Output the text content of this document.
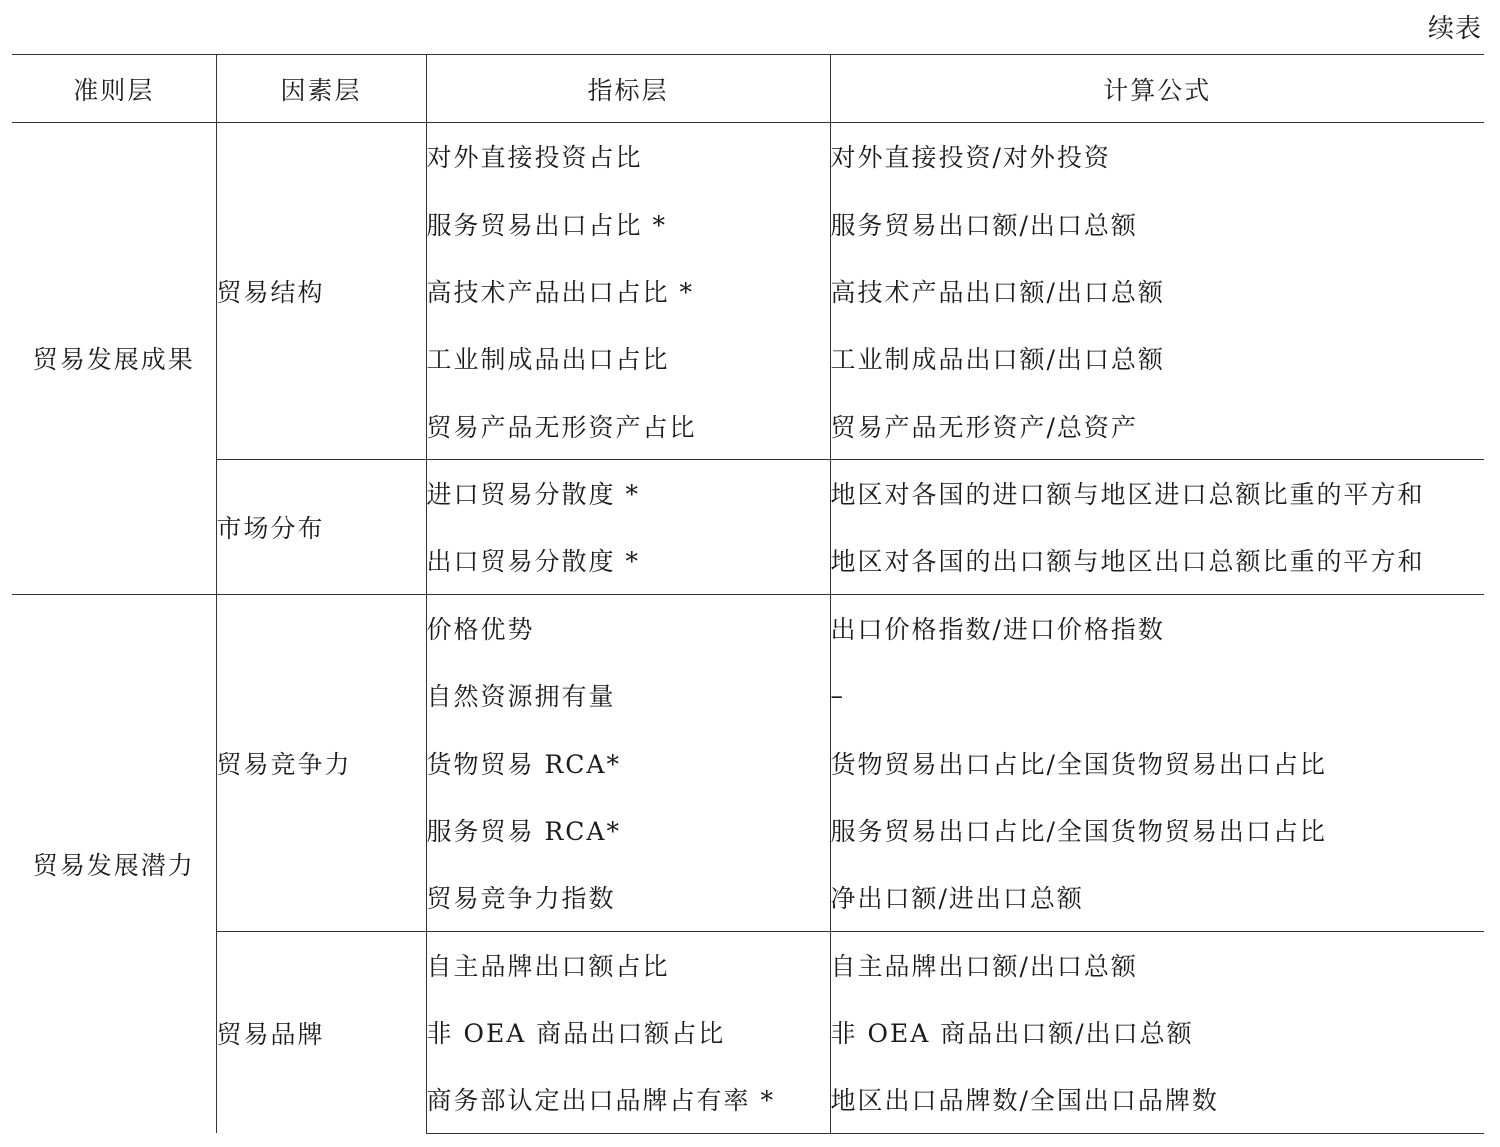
续表
准则层	因素层	指标层	计算公式
贸易发展成果	贸易结构	对外直接投资占比	对外直接投资/对外投资
		服务贸易出口占比 *	服务贸易出口额/出口总额
		高技术产品出口占比 *	高技术产品出口额/出口总额
		工业制成品出口占比	工业制成品出口额/出口总额
		贸易产品无形资产占比	贸易产品无形资产/总资产
	市场分布	进口贸易分散度 *	地区对各国的进口额与地区进口总额比重的平方和
		出口贸易分散度 *	地区对各国的出口额与地区出口总额比重的平方和
贸易发展潜力	贸易竞争力	价格优势	出口价格指数/进口价格指数
		自然资源拥有量	–
		货物贸易 RCA*	货物贸易出口占比/全国货物贸易出口占比
		服务贸易 RCA*	服务贸易出口占比/全国货物贸易出口占比
		贸易竞争力指数	净出口额/进出口总额
	贸易品牌	自主品牌出口额占比	自主品牌出口额/出口总额
		非 OEA 商品出口额占比	非 OEA 商品出口额/出口总额
		商务部认定出口品牌占有率 *	地区出口品牌数/全国出口品牌数
